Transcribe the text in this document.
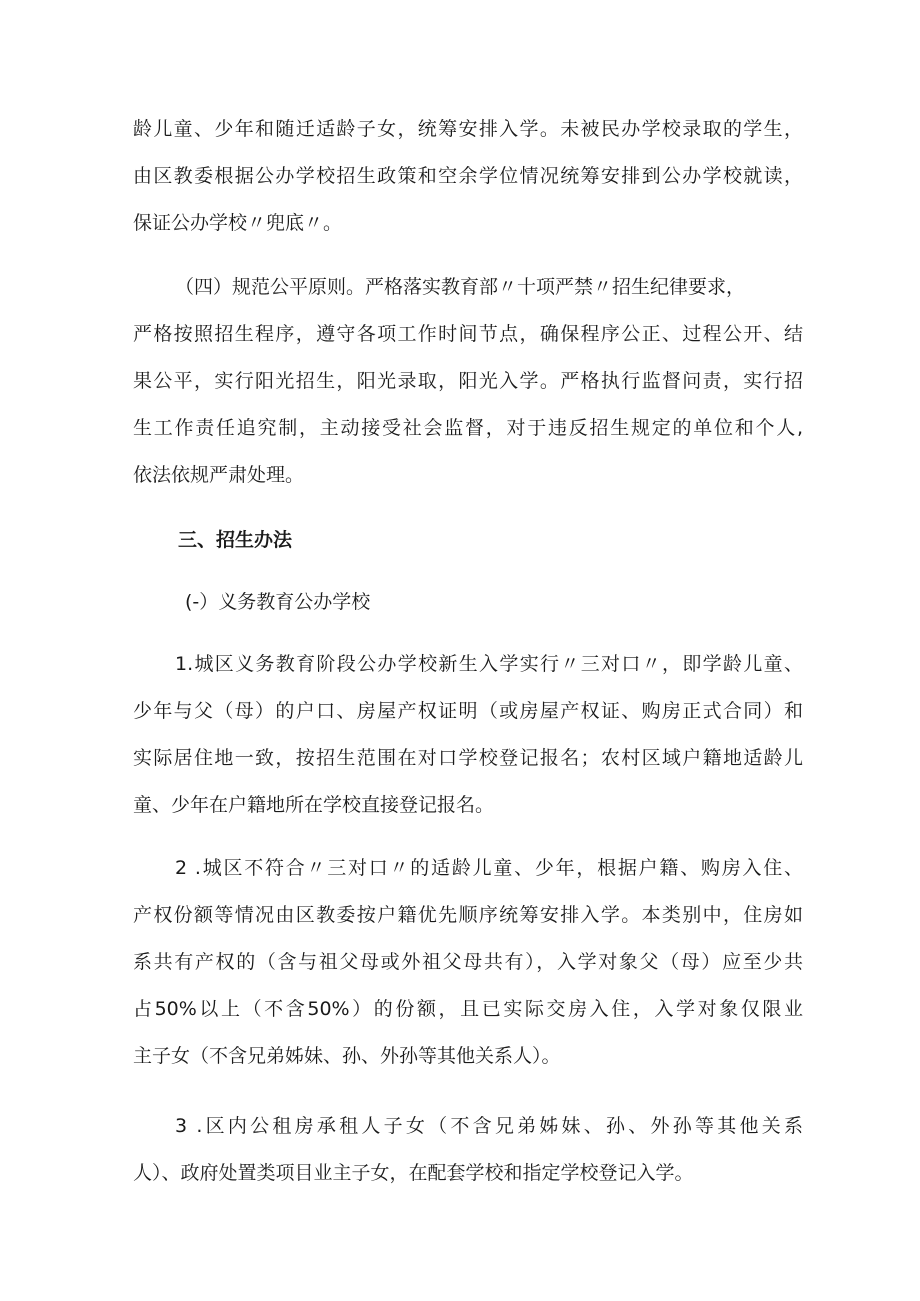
龄儿童、少年和随迁适龄子女，统筹安排入学。未被民办学校录取的学生，
由区教委根据公办学校招生政策和空余学位情况统筹安排到公办学校就读，
保证公办学校〃兜底〃。
（四）规范公平原则。严格落实教育部〃十项严禁〃招生纪律要求，
严格按照招生程序，遵守各项工作时间节点，确保程序公正、过程公开、结
果公平，实行阳光招生，阳光录取，阳光入学。严格执行监督问责，实行招
生工作责任追究制，主动接受社会监督，对于违反招生规定的单位和个人,
依法依规严肃处理。
三、招生办法
(-）义务教育公办学校
1.城区义务教育阶段公办学校新生入学实行〃三对口〃，即学龄儿童、
少年与父（母）的户口、房屋产权证明（或房屋产权证、购房正式合同）和
实际居住地一致，按招生范围在对口学校登记报名；农村区域户籍地适龄儿
童、少年在户籍地所在学校直接登记报名。
2 .城区不符合〃三对口〃的适龄儿童、少年，根据户籍、购房入住、
产权份额等情况由区教委按户籍优先顺序统筹安排入学。本类别中，住房如
系共有产权的（含与祖父母或外祖父母共有），入学对象父（母）应至少共
占50%以上（不含50%）的份额，且已实际交房入住，入学对象仅限业
主子女（不含兄弟姊妹、孙、外孙等其他关系人）。
3 .区内公租房承租人子女（不含兄弟姊妹、孙、外孙等其他关系
人）、政府处置类项目业主子女，在配套学校和指定学校登记入学。
